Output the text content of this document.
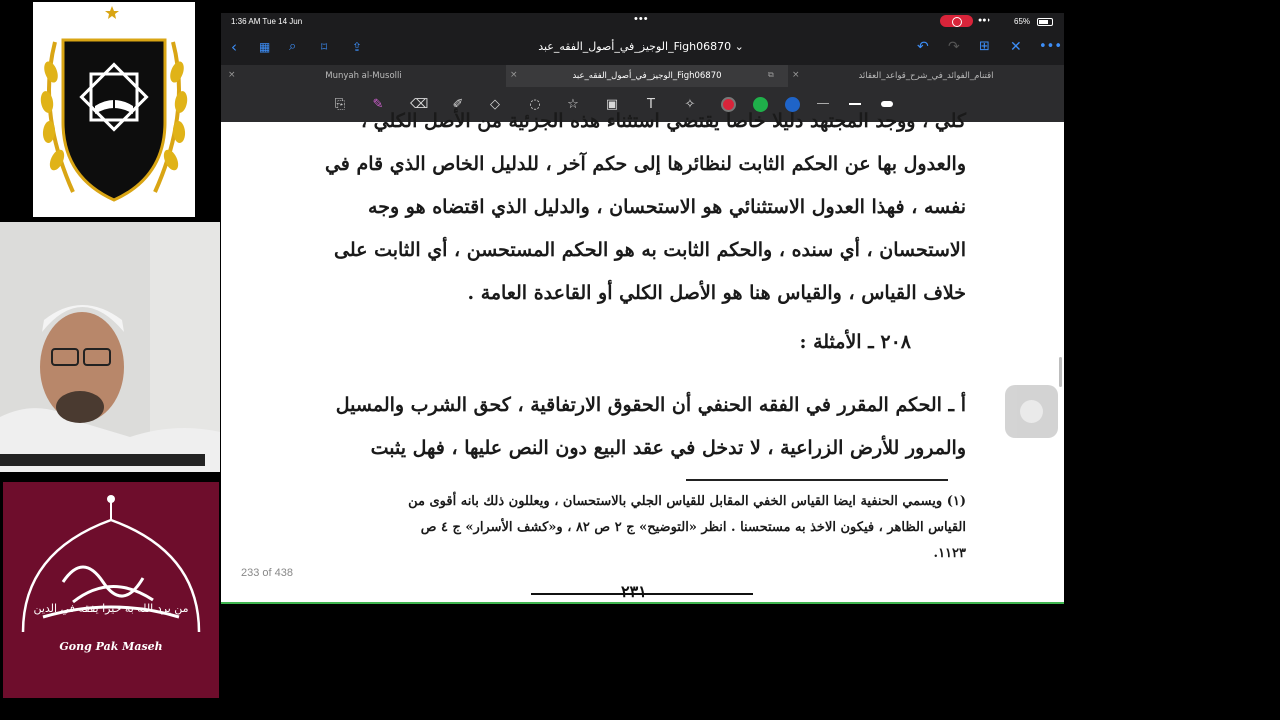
من يرد الله به خيرا يفقه في الدين
Gong Pak Maseh
1:36 AM Tue 14 Jun	•••	●●◗	65%
‹ ▦ ⌕ ⌑ ⇪	الوجيز_في_أصول_الفقه_عبد_Figh06870 ⌄	↶ ↷ ⊞ ✕ •••
×	Munyah al-Musolli	×	الوجيز_في_أصول_الفقه_عبد_Figh06870	⧉ ×	اقتنام_الفوائد_في_شرح_قواعد_العقائد
⎘ ✎ ⌫ ✐	◇	◌ ☆ ▣	T	✧
كلي ، ووجد المجتهد دليلا خاصا يقتضي استثناء هذه الجزئية من الأصل الكلي ،
والعدول بها عن الحكم الثابت لنظائرها إلى حكم آخر ، للدليل الخاص الذي قام في
نفسه ، فهذا العدول الاستثنائي هو الاستحسان ، والدليل الذي اقتضاه هو وجه
الاستحسان ، أي سنده ، والحكم الثابت به هو الحكم المستحسن ، أي الثابت على
خلاف القياس ، والقياس هنا هو الأصل الكلي أو القاعدة العامة .
٢٠٨ ـ الأمثلة :
أ ـ الحكم المقرر في الفقه الحنفي أن الحقوق الارتفاقية ، كحق الشرب والمسيل
والمرور للأرض الزراعية ، لا تدخل في عقد البيع دون النص عليها ، فهل يثبت
(١) ويسمي الحنفية ايضا القياس الخفي المقابل للقياس الجلي بالاستحسان ، ويعللون ذلك بانه أقوى من
القياس الظاهر ، فيكون الاخذ به مستحسنا . انظر «التوضيح» ج ٢ ص ٨٢ ، و«كشف الأسرار» ج ٤ ص
١١٢٣.
233 of 438
٢٣١
